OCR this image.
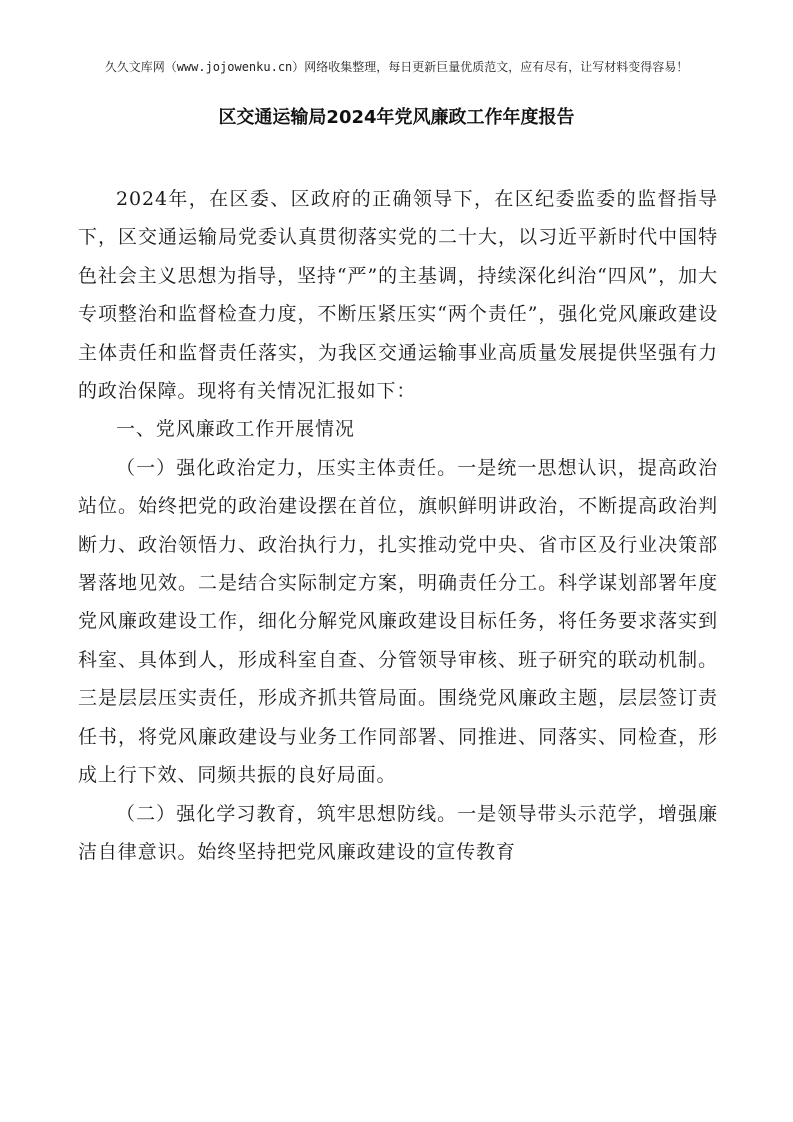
久久文库网（www.jojowenku.cn）网络收集整理，每日更新巨量优质范文，应有尽有，让写材料变得容易！
区交通运输局2024年党风廉政工作年度报告

2024年，在区委、区政府的正确领导下，在区纪委监委的监督指导下，区交通运输局党委认真贯彻落实党的二十大，以习近平新时代中国特色社会主义思想为指导，坚持“严”的主基调，持续深化纠治“四风”，加大专项整治和监督检查力度，不断压紧压实“两个责任”，强化党风廉政建设主体责任和监督责任落实，为我区交通运输事业高质量发展提供坚强有力的政治保障。现将有关情况汇报如下：

一、党风廉政工作开展情况

（一）强化政治定力，压实主体责任。一是统一思想认识，提高政治站位。始终把党的政治建设摆在首位，旗帜鲜明讲政治，不断提高政治判断力、政治领悟力、政治执行力，扎实推动党中央、省市区及行业决策部署落地见效。二是结合实际制定方案，明确责任分工。科学谋划部署年度党风廉政建设工作，细化分解党风廉政建设目标任务，将任务要求落实到科室、具体到人，形成科室自查、分管领导审核、班子研究的联动机制。三是层层压实责任，形成齐抓共管局面。围绕党风廉政主题，层层签订责任书，将党风廉政建设与业务工作同部署、同推进、同落实、同检查，形成上行下效、同频共振的良好局面。

（二）强化学习教育，筑牢思想防线。一是领导带头示范学，增强廉洁自律意识。始终坚持把党风廉政建设的宣传教育
